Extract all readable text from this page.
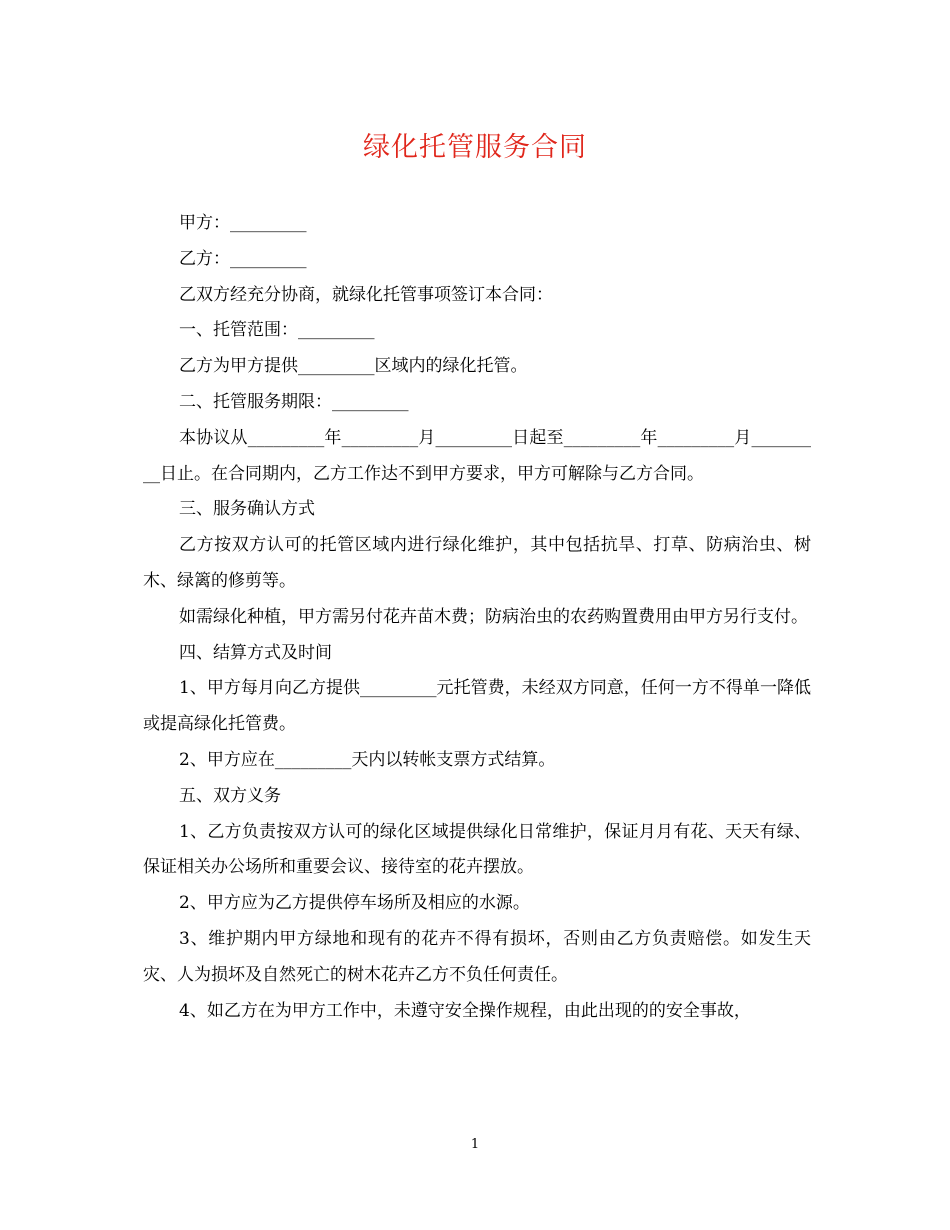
绿化托管服务合同

甲方：_________

乙方：_________

乙双方经充分协商，就绿化托管事项签订本合同：

一、托管范围：_________

乙方为甲方提供_________区域内的绿化托管。

二、托管服务期限：_________

本协议从_________年_________月_________日起至_________年_________月_________日止。在合同期内，乙方工作达不到甲方要求，甲方可解除与乙方合同。

三、服务确认方式

乙方按双方认可的托管区域内进行绿化维护，其中包括抗旱、打草、防病治虫、树木、绿篱的修剪等。

如需绿化种植，甲方需另付花卉苗木费；防病治虫的农药购置费用由甲方另行支付。

四、结算方式及时间

1、甲方每月向乙方提供_________元托管费，未经双方同意，任何一方不得单一降低或提高绿化托管费。

2、甲方应在_________天内以转帐支票方式结算。

五、双方义务

1、乙方负责按双方认可的绿化区域提供绿化日常维护，保证月月有花、天天有绿、保证相关办公场所和重要会议、接待室的花卉摆放。

2、甲方应为乙方提供停车场所及相应的水源。

3、维护期内甲方绿地和现有的花卉不得有损坏，否则由乙方负责赔偿。如发生天灾、人为损坏及自然死亡的树木花卉乙方不负任何责任。

4、如乙方在为甲方工作中，未遵守安全操作规程，由此出现的的安全事故，

1
